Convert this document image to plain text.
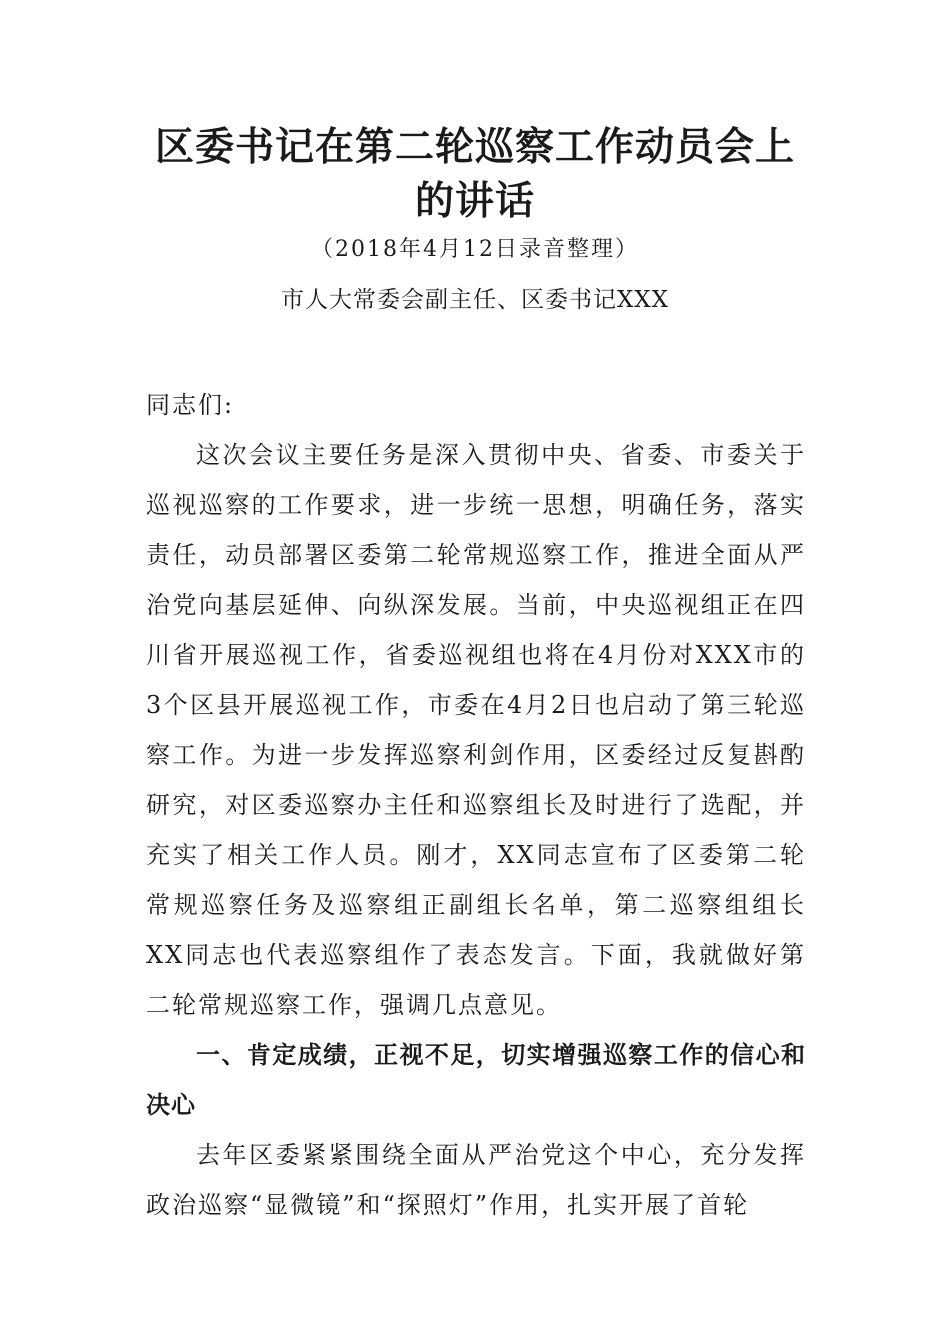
区委书记在第二轮巡察工作动员会上的讲话
（2018年4月12日录音整理）
市人大常委会副主任、区委书记XXX

同志们:

这次会议主要任务是深入贯彻中央、省委、市委关于巡视巡察的工作要求，进一步统一思想，明确任务，落实责任，动员部署区委第二轮常规巡察工作，推进全面从严治党向基层延伸、向纵深发展。当前，中央巡视组正在四川省开展巡视工作，省委巡视组也将在4月份对XXX市的3个区县开展巡视工作，市委在4月2日也启动了第三轮巡察工作。为进一步发挥巡察利剑作用，区委经过反复斟酌研究，对区委巡察办主任和巡察组长及时进行了选配，并充实了相关工作人员。刚才，XX同志宣布了区委第二轮常规巡察任务及巡察组正副组长名单，第二巡察组组长XX同志也代表巡察组作了表态发言。下面，我就做好第二轮常规巡察工作，强调几点意见。

一、肯定成绩，正视不足，切实增强巡察工作的信心和决心

去年区委紧紧围绕全面从严治党这个中心，充分发挥政治巡察“显微镜”和“探照灯”作用，扎实开展了首轮
